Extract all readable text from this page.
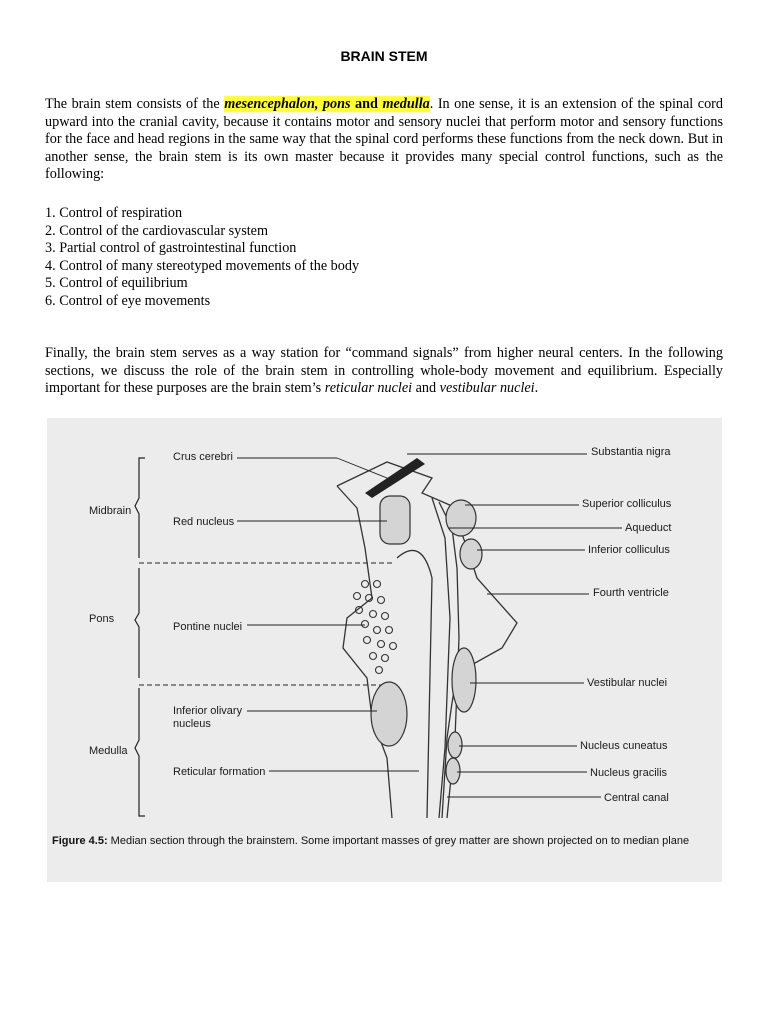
BRAIN STEM
The brain stem consists of the mesencephalon, pons and medulla. In one sense, it is an extension of the spinal cord upward into the cranial cavity, because it contains motor and sensory nuclei that perform motor and sensory functions for the face and head regions in the same way that the spinal cord performs these functions from the neck down. But in another sense, the brain stem is its own master because it provides many special control functions, such as the following:
1. Control of respiration
2. Control of the cardiovascular system
3. Partial control of gastrointestinal function
4. Control of many stereotyped movements of the body
5. Control of equilibrium
6. Control of eye movements
Finally, the brain stem serves as a way station for “command signals” from higher neural centers. In the following sections, we discuss the role of the brain stem in controlling whole-body movement and equilibrium. Especially important for these purposes are the brain stem’s reticular nuclei and vestibular nuclei.
Midbrain
Pons
Medulla
Crus cerebri
Red nucleus
Pontine nuclei
Inferior olivary
nucleus
Reticular formation
Substantia nigra
Superior colliculus
Aqueduct
Inferior colliculus
Fourth ventricle
Vestibular nuclei
Nucleus cuneatus
Nucleus gracilis
Central canal
Figure 4.5: Median section through the brainstem. Some important masses of grey matter are shown projected on to median plane
